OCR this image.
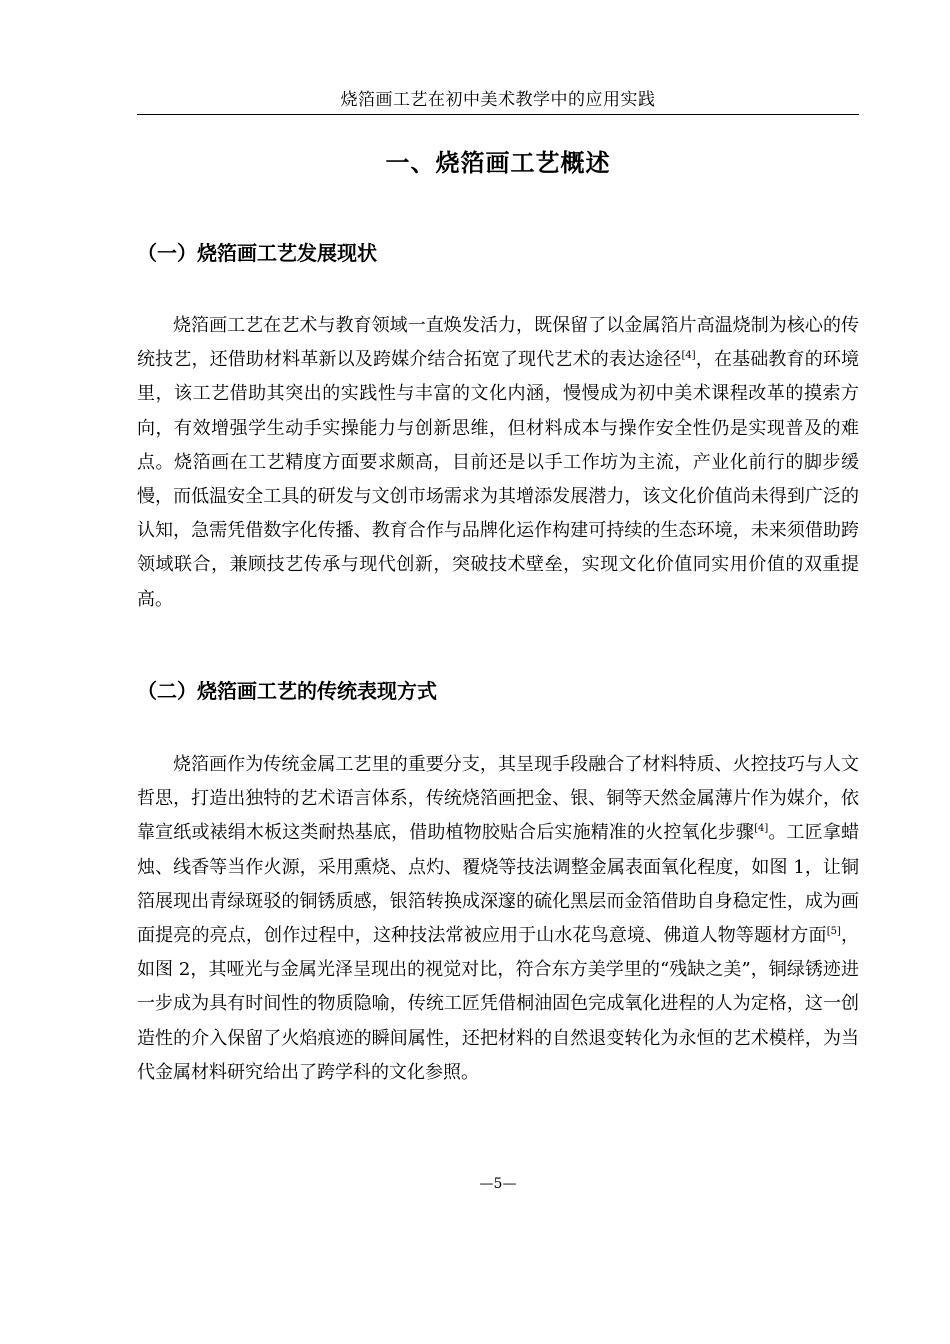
烧箔画工艺在初中美术教学中的应用实践
一、烧箔画工艺概述
（一）烧箔画工艺发展现状

烧箔画工艺在艺术与教育领域一直焕发活力，既保留了以金属箔片高温烧制为核心的传统技艺，还借助材料革新以及跨媒介结合拓宽了现代艺术的表达途径[4]，在基础教育的环境里，该工艺借助其突出的实践性与丰富的文化内涵，慢慢成为初中美术课程改革的摸索方向，有效增强学生动手实操能力与创新思维，但材料成本与操作安全性仍是实现普及的难点。烧箔画在工艺精度方面要求颇高，目前还是以手工作坊为主流，产业化前行的脚步缓慢，而低温安全工具的研发与文创市场需求为其增添发展潜力，该文化价值尚未得到广泛的认知，急需凭借数字化传播、教育合作与品牌化运作构建可持续的生态环境，未来须借助跨领域联合，兼顾技艺传承与现代创新，突破技术壁垒，实现文化价值同实用价值的双重提高。

（二）烧箔画工艺的传统表现方式

烧箔画作为传统金属工艺里的重要分支，其呈现手段融合了材料特质、火控技巧与人文哲思，打造出独特的艺术语言体系，传统烧箔画把金、银、铜等天然金属薄片作为媒介，依靠宣纸或裱绢木板这类耐热基底，借助植物胶贴合后实施精准的火控氧化步骤[4]。工匠拿蜡烛、线香等当作火源，采用熏烧、点灼、覆烧等技法调整金属表面氧化程度，如图 1，让铜箔展现出青绿斑驳的铜锈质感，银箔转换成深邃的硫化黑层而金箔借助自身稳定性，成为画面提亮的亮点，创作过程中，这种技法常被应用于山水花鸟意境、佛道人物等题材方面[5]，如图 2，其哑光与金属光泽呈现出的视觉对比，符合东方美学里的“残缺之美”，铜绿锈迹进一步成为具有时间性的物质隐喻，传统工匠凭借桐油固色完成氧化进程的人为定格，这一创造性的介入保留了火焰痕迹的瞬间属性，还把材料的自然退变转化为永恒的艺术模样，为当代金属材料研究给出了跨学科的文化参照。

—5—
